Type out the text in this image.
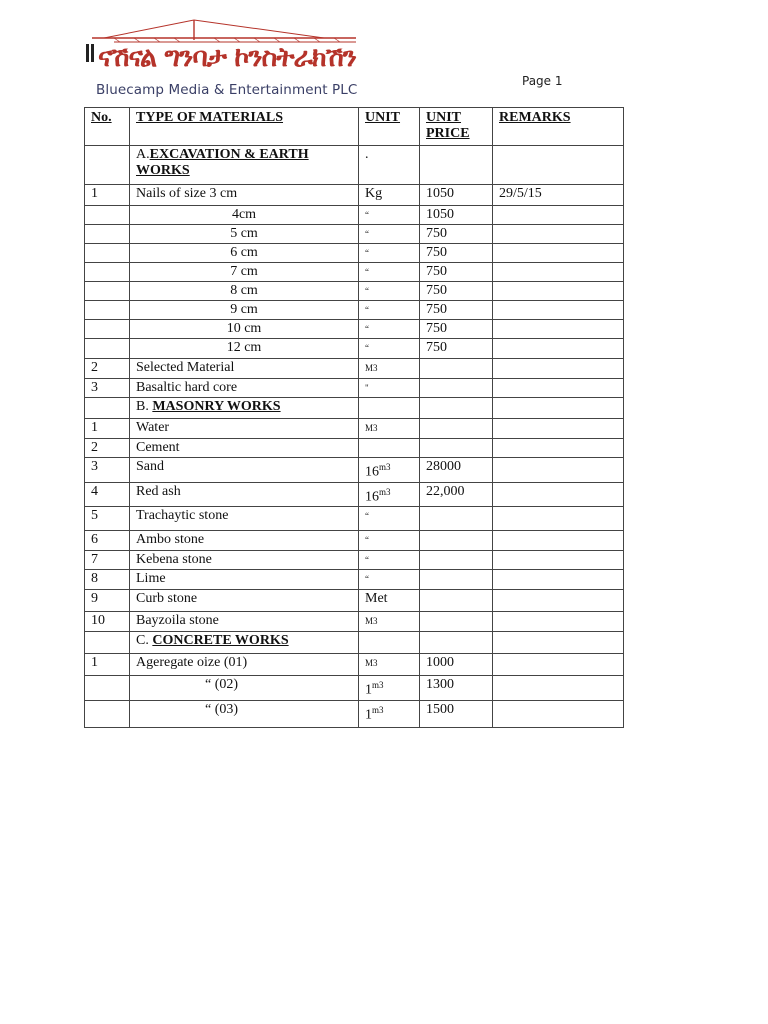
ናሽናል ግንባታ ኮንስትራክሽን
Bluecamp Media & Entertainment PLC
Page 1
No.	TYPE OF MATERIALS	UNIT	UNIT PRICE	REMARKS
	A.EXCAVATION & EARTH WORKS	.		
1	Nails of size 3 cm	Kg	1050	29/5/15
	4cm	“	1050	
	5 cm	“	750	
	6 cm	“	750	
	7 cm	“	750	
	8 cm	“	750	
	9 cm	“	750	
	10 cm	“	750	
	12 cm	“	750	
2	Selected Material	M3		
3	Basaltic hard core	"		
	B. MASONRY WORKS			
1	Water	M3		
2	Cement			
3	Sand	$16^{m3}$	28000	
4	Red ash	$16^{m3}$	22,000	
5	Trachaytic stone	“		
6	Ambo stone	“		
7	Kebena stone	“		
8	Lime	“		
9	Curb stone	Met		
10	Bayzoila stone	M3		
	C. CONCRETE WORKS			
1	Ageregate oize (01)	M3	1000	
	“ (02)	$1^{m3}$	1300	
	“ (03)	$1^{m3}$	1500	
